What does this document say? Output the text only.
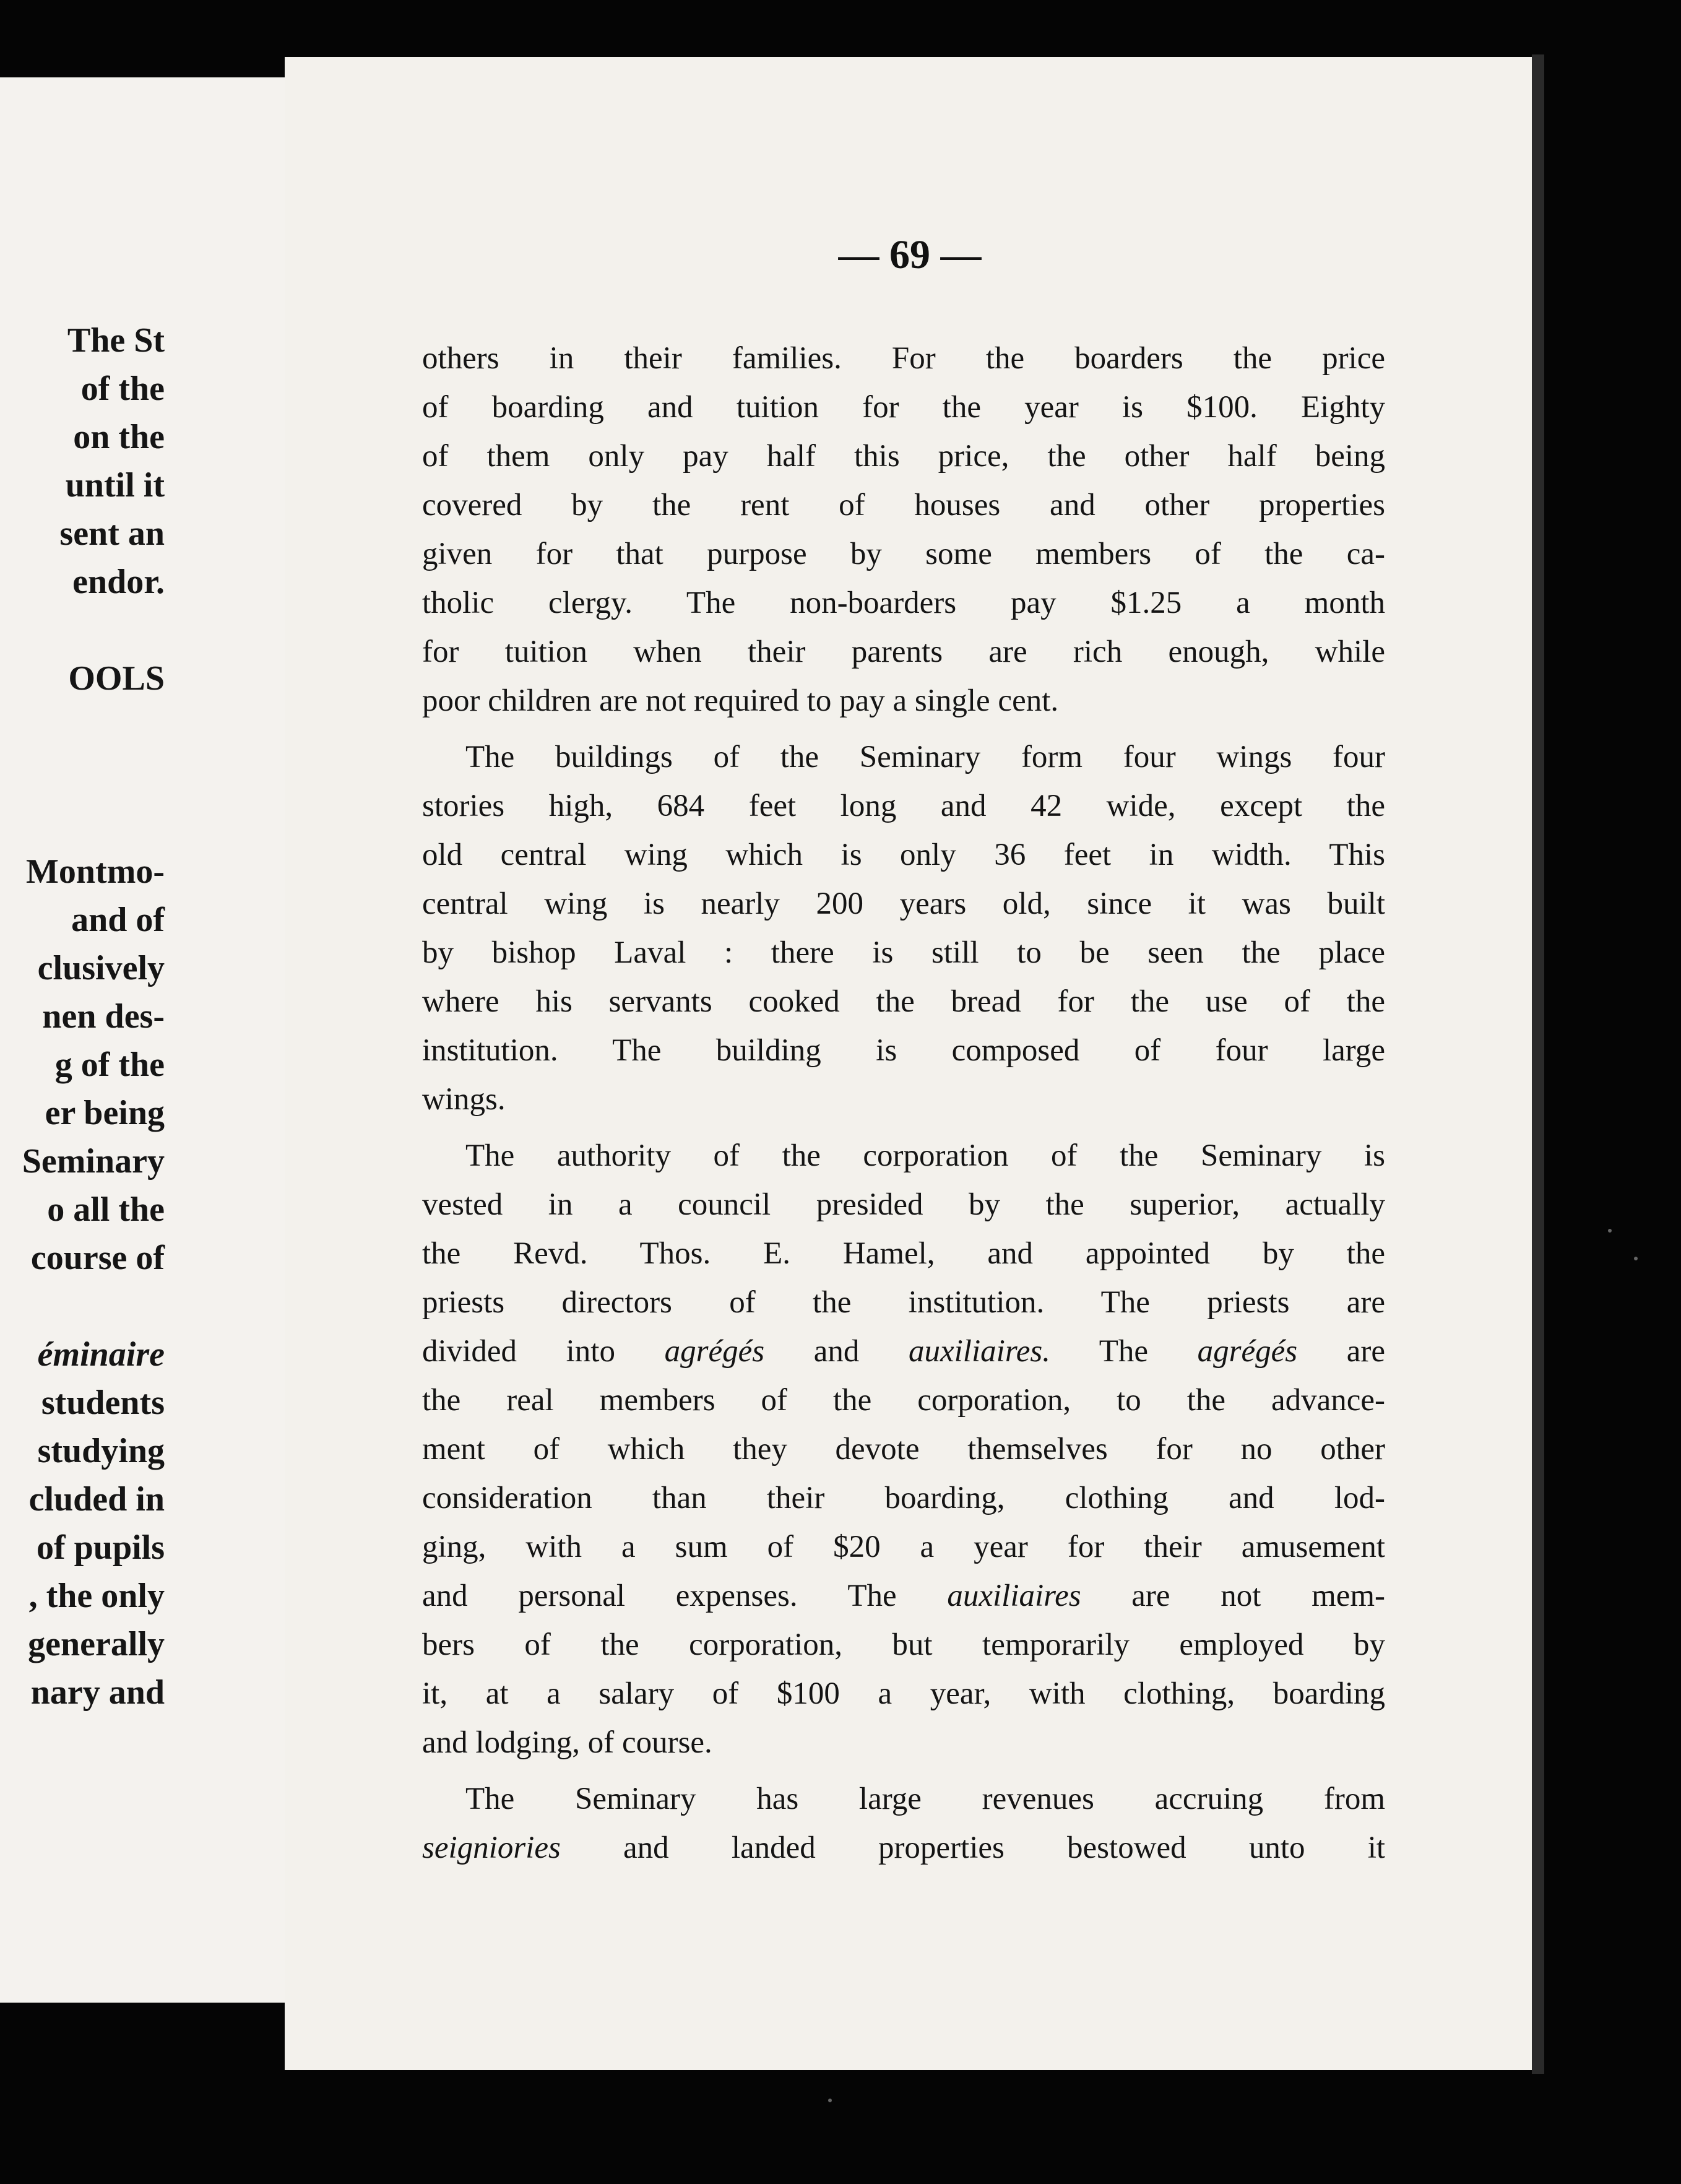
The St
of the
on the
until it
sent an
endor.
OOLS
Montmo-
and of
clusively
nen des-
g of the
er being
Seminary
o all the
course of
éminaire
students
studying
cluded in
of pupils
, the only
generally
nary and
— 69 —
others in their families. For the boarders the price
of boarding and tuition for the year is $100. Eighty
of them only pay half this price, the other half being
covered by the rent of houses and other properties
given for that purpose by some members of the ca-
tholic clergy. The non-boarders pay $1.25 a month
for tuition when their parents are rich enough, while
poor children are not required to pay a single cent.
The buildings of the Seminary form four wings four
stories high, 684 feet long and 42 wide, except the
old central wing which is only 36 feet in width. This
central wing is nearly 200 years old, since it was built
by bishop Laval : there is still to be seen the place
where his servants cooked the bread for the use of the
institution. The building is composed of four large
wings.
The authority of the corporation of the Seminary is
vested in a council presided by the superior, actually
the Revd. Thos. E. Hamel, and appointed by the
priests directors of the institution. The priests are
divided into agrégés and auxiliaires. The agrégés are
the real members of the corporation, to the advance-
ment of which they devote themselves for no other
consideration than their boarding, clothing and lod-
ging, with a sum of $20 a year for their amusement
and personal expenses. The auxiliaires are not mem-
bers of the corporation, but temporarily employed by
it, at a salary of $100 a year, with clothing, boarding
and lodging, of course.
The Seminary has large revenues accruing from
seigniories and landed properties bestowed unto it
